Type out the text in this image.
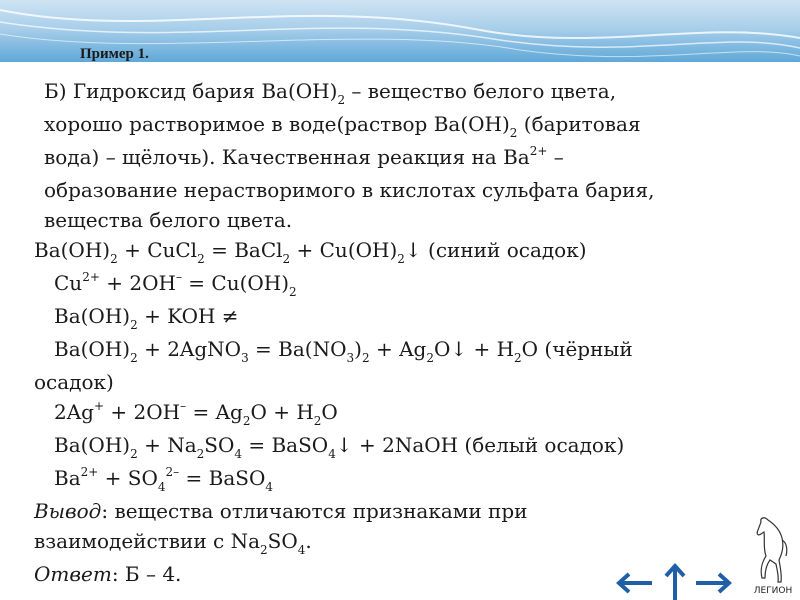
Пример 1.
Б) Гидроксид бария $Ba(OH)_2$ – вещество белого цвета,
хорошо растворимое в воде(раствор $Ba(OH)_2$ (баритовая
вода) – щёлочь). Качественная реакция на $Ba^{2+}$ –
образование нерастворимого в кислотах сульфата бария,
вещества белого цвета.
$Ba(OH)_2$ + CuCl$_2$ = BaCl$_2$ + $Cu(OH)_2↓$ (синий осадок)
$Cu^{2+} + 2OH^- = Cu(OH)_2$
$Ba(OH)_2$ + KOH ≠
$Ba(OH)_2$ + 2AgNO$_3$ = $Ba(NO_3)_2$ + $Ag_2O↓ + H_2O$ (чёрный
осадок)
$2Ag^+ + 2OH^- = Ag_2O + H_2O$
$Ba(OH)_2 + Na_2SO_4$ = BaSO$_4$↓ + 2NaOH (белый осадок)
$Ba^{2+} + SO_4^{2-}$ = BaSO$_4$
Вывод: вещества отличаются признаками при
взаимодействии с $Na_2SO_4$.
Ответ: Б – 4.
ЛЕГИОН
